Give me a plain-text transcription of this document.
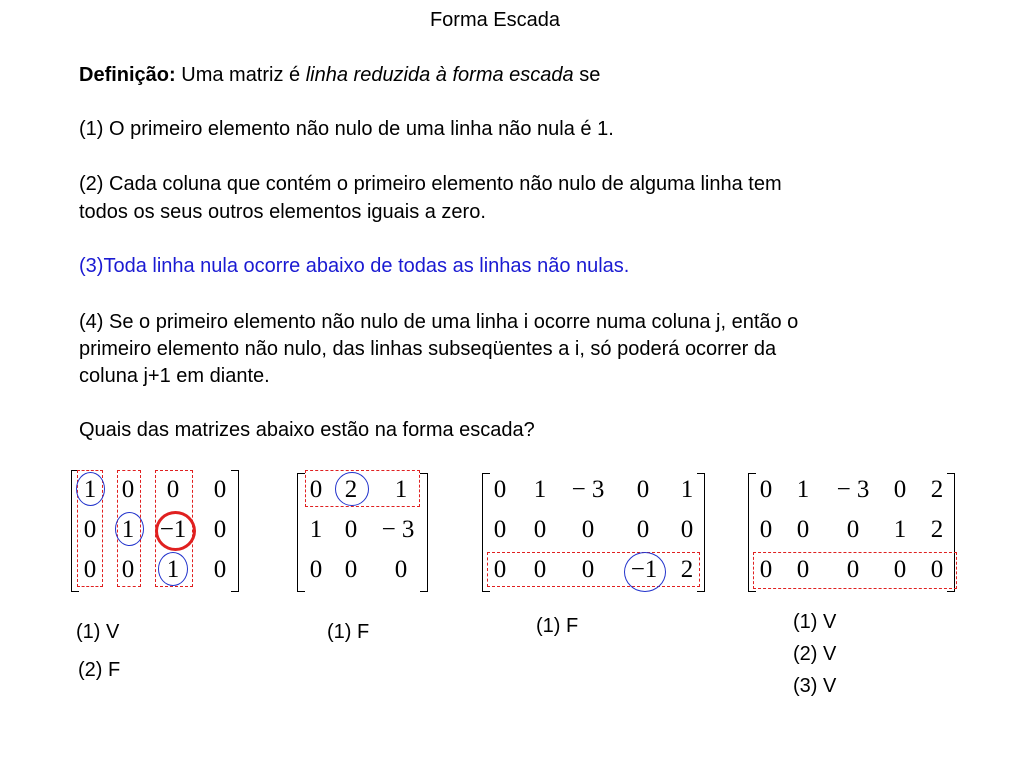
Forma Escada
Definição: Uma matriz é linha reduzida à forma escada se
(1) O primeiro elemento não nulo de uma linha não nula é 1.
(2) Cada coluna que contém o primeiro elemento não nulo de alguma linha tem
todos os seus outros elementos iguais a zero.
(3)Toda linha nula ocorre abaixo de todas as linhas não nulas.
(4) Se o primeiro elemento não nulo de uma linha i ocorre numa coluna j, então o
primeiro elemento não nulo, das linhas subseqüentes a i, só poderá ocorrer da
coluna j+1 em diante.
Quais das matrizes abaixo estão na forma escada?
1 0 0 0
0 1 −1 0
0 0 1 0
(1) V
(2) F
0 2 1
1 0 − 3
0 0 0
(1) F
0 1 − 3 0 1
0 0 0 0 0
0 0 0 −1 2
(1) F
0 1 − 3 0 2
0 0 0 1 2
0 0 0 0 0
(1) V
(2) V
(3) V
